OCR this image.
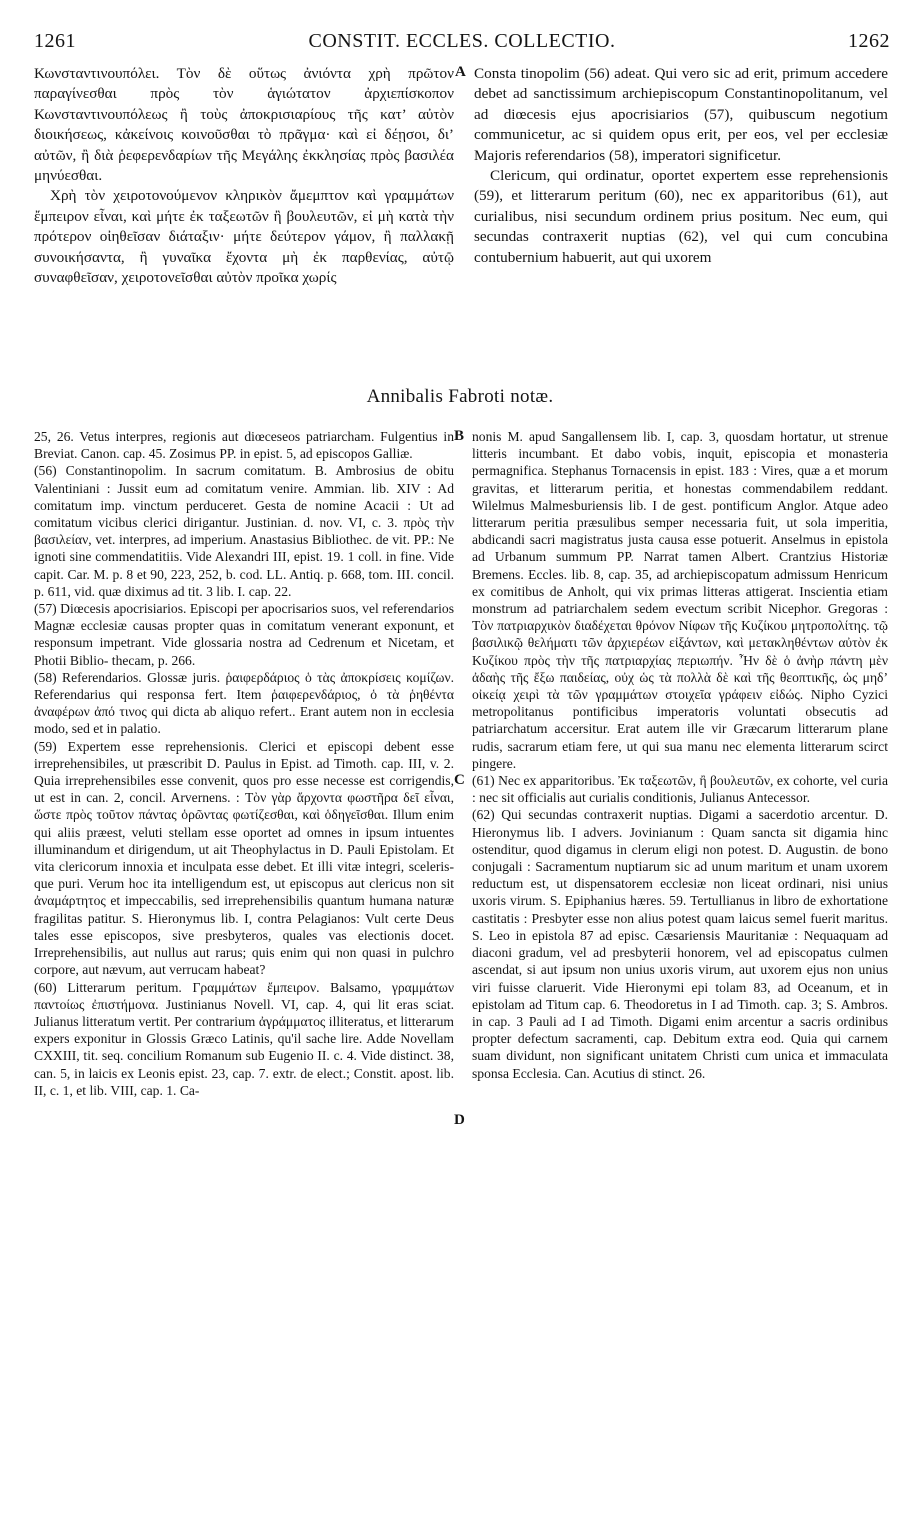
1261	CONSTIT. ECCLES. COLLECTIO.	1262

Κωνσταντινουπόλει. Τὸν δὲ οὕτως ἀνιόντα χρὴ πρῶτον παραγίνεσθαι πρὸς τὸν ἁγιώτατον ἀρχιεπίσκοπον Κωνσταντινουπόλεως ἢ τοὺς ἀποκρισιαρίους τῆς κατ’ αὐτὸν διοικήσεως, κἀκείνοις κοινοῦσθαι τὸ πρᾶγμα· καὶ εἰ δέῃσοι, δι’ αὐτῶν, ἢ διὰ ῥεφερενδαρίων τῆς Μεγάλης ἐκκλησίας πρὸς βασιλέα μηνύεσθαι.

Χρὴ τὸν χειροτονούμενον κληρικὸν ἄμεμπτον καὶ γραμμάτων ἔμπειρον εἶναι, καὶ μήτε ἐκ ταξεωτῶν ἢ βουλευτῶν, εἰ μὴ κατὰ τὴν πρότερον οἰηθεῖσαν διάταξιν· μήτε δεύτερον γάμον, ἢ παλλακῇ συνοικήσαντα, ἢ γυναῖκα ἔχοντα μὴ ἐκ παρθενίας, αὐτῷ συναφθεῖσαν, χειροτονεῖσθαι αὐτὸν προῖκα χωρίς

A Consta tinopolim (56) adeat. Qui vero sic ad erit, primum accedere debet ad sanctissimum archiepiscopum Constantinopolitanum, vel ad diœcesis ejus apocrisiarios (57), quibuscum negotium communicetur, ac si quidem opus erit, per eos, vel per ecclesiæ Majoris referendarios (58), imperatori significetur.

Clericum, qui ordinatur, oportet expertem esse reprehensionis (59), et litterarum peritum (60), nec ex apparitoribus (61), aut curialibus, nisi secundum ordinem prius positum. Nec eum, qui secundas contraxerit nuptias (62), vel qui cum concubina contubernium habuerit, aut qui uxorem

Annibalis Fabroti notæ.

25, 26. Vetus interpres, regionis aut diœceseos patriarcham. Fulgentius in Breviat. Canon. cap. 45. Zosimus PP. in epist. 5, ad episcopos Galliæ.

(56) Constantinopolim. In sacrum comitatum. B. Ambrosius de obitu Valentiniani : Jussit eum ad comitatum venire. Ammian. lib. XIV : Ad comitatum imp. vinctum perduceret. Gesta de nomine Acacii : Ut ad comitatum vicibus clerici dirigantur. Justinian. d. nov. VI, c. 3. πρὸς τὴν βασιλείαν, vet. interpres, ad imperium. Anastasius Bibliothec. de vit. PP.: Ne ignoti sine commendatitiis. Vide Alexandri III, epist. 19. 1 coll. in fine. Vide capit. Car. M. p. 8 et 90, 223, 252, b. cod. LL. Antiq. p. 668, tom. III. concil. p. 611, vid. quæ diximus ad tit. 3 lib. I. cap. 22.

(57) Diœcesis apocrisiarios. Episcopi per apocrisarios suos, vel referendarios Magnæ ecclesiæ causas propter quas in comitatum venerant exponunt, et responsum impetrant. Vide glossaria nostra ad Cedrenum et Nicetam, et Photii Biblio- thecam, p. 266.

(58) Referendarios. Glossæ juris. ῥαιφερδάριος ὁ τὰς ἀποκρίσεις κομίζων. Referendarius qui responsa fert. Item ῥαιφερενδάριος, ὁ τὰ ῥηθέντα ἀναφέρων ἀπό τινος qui dicta ab aliquo refert.. Erant autem non in ecclesia modo, sed et in palatio.

(59) Expertem esse reprehensionis. Clerici et episcopi debent esse irreprehensibiles, ut præscribit D. Paulus in Epist. ad Timoth. cap. III, v. 2. Quia irreprehensibiles esse convenit, quos pro esse necesse est corrigendis, ut est in can. 2, concil. Arvernens. : Τὸν γὰρ ἄρχοντα φωστῆρα δεῖ εἶναι, ὥστε πρὸς τοῦτον πάντας ὁρῶντας φωτίζεσθαι, καὶ ὁδηγεῖσθαι. Illum enim qui aliis præest, veluti stellam esse oportet ad omnes in ipsum intuentes illuminandum et dirigendum, ut ait Theophylactus in D. Pauli Epistolam. Et vita clericorum innoxia et inculpata esse debet. Et illi vitæ integri, sceleris- que puri. Verum hoc ita intelligendum est, ut episcopus aut clericus non sit ἀναμάρτητος et impeccabilis, sed irreprehensibilis quantum humana naturæ fragilitas patitur. S. Hieronymus lib. I, contra Pelagianos: Vult certe Deus tales esse episcopos, sive presbyteros, quales vas electionis docet. Irreprehensibilis, aut nullus aut rarus; quis enim qui non quasi in pulchro corpore, aut nævum, aut verrucam habeat?

(60) Litterarum peritum. Γραμμάτων ἔμπειρον. Balsamo, γραμμάτων παντοίως ἐπιστήμονα. Justinianus Novell. VI, cap. 4, qui lit eras sciat. Julianus litteratum vertit. Per contrarium ἀγράμματος illiteratus, et litterarum expers exponitur in Glossis Græco Latinis, qu'il sache lire. Adde Novellam CXXIII, tit. seq. concilium Romanum sub Eugenio II. c. 4. Vide distinct. 38, can. 5, in laicis ex Leonis epist. 23, cap. 7. extr. de elect.; Constit. apost. lib. II, c. 1, et lib. VIII, cap. 1. Ca-

B
C
D

nonis M. apud Sangallensem lib. I, cap. 3, quosdam hortatur, ut strenue litteris incumbant. Et dabo vobis, inquit, episcopia et monasteria permagnifica. Stephanus Tornacensis in epist. 183 : Vires, quæ a et morum gravitas, et litterarum peritia, et honestas commendabilem reddant. Wilelmus Malmesburiensis lib. I de gest. pontificum Anglor. Atque adeo litterarum peritia præsulibus semper necessaria fuit, ut sola imperitia, abdicandi sacri magistratus justa causa esse potuerit. Anselmus in epistola ad Urbanum summum PP. Narrat tamen Albert. Crantzius Historiæ Bremens. Eccles. lib. 8, cap. 35, ad archiepiscopatum admissum Henricum ex comitibus de Anholt, qui vix primas litteras attigerat. Inscientia etiam monstrum ad patriarchalem sedem evectum scribit Nicephor. Gregoras : Τὸν πατριαρχικὸν διαδέχεται θρόνον Νίφων τῆς Κυζίκου μητροπολίτης. τῷ βασιλικῷ θελήματι τῶν ἀρχιερέων εἰξάντων, καὶ μετακληθέντων αὐτὸν ἐκ Κυζίκου πρὸς τὴν τῆς πατριαρχίας περιωπήν. Ἦν δὲ ὁ ἀνὴρ πάντη μὲν ἀδαὴς τῆς ἔξω παιδείας, οὐχ ὡς τὰ πολλὰ δὲ καὶ τῆς θεοπτικῆς, ὡς μηδ’ οἰκείᾳ χειρὶ τὰ τῶν γραμμάτων στοιχεῖα γράφειν εἰδώς. Nipho Cyzici metropolitanus pontificibus imperatoris voluntati obsecutis ad patriarchatum accersitur. Erat autem ille vir Græcarum litterarum plane rudis, sacrarum etiam fere, ut qui sua manu nec elementa litterarum scirct pingere.

(61) Nec ex apparitoribus. Ἐκ ταξεωτῶν, ἢ βουλευτῶν, ex cohorte, vel curia : nec sit officialis aut curialis conditionis, Julianus Antecessor.

(62) Qui secundas contraxerit nuptias. Digami a sacerdotio arcentur. D. Hieronymus lib. I advers. Jovinianum : Quam sancta sit digamia hinc ostenditur, quod digamus in clerum eligi non potest. D. Augustin. de bono conjugali : Sacramentum nuptiarum sic ad unum maritum et unam uxorem reductum est, ut dispensatorem ecclesiæ non liceat ordinari, nisi unius uxoris virum. S. Epiphanius hæres. 59. Tertullianus in libro de exhortatione castitatis : Presbyter esse non alius potest quam laicus semel fuerit maritus. S. Leo in epistola 87 ad episc. Cæsariensis Mauritaniæ : Nequaquam ad diaconi gradum, vel ad presbyterii honorem, vel ad episcopatus culmen ascendat, si aut ipsum non unius uxoris virum, aut uxorem ejus non unius viri fuisse claruerit. Vide Hieronymi epi tolam 83, ad Oceanum, et in epistolam ad Titum cap. 6. Theodoretus in I ad Timoth. cap. 3; S. Ambros. in cap. 3 Pauli ad I ad Timoth. Digami enim arcentur a sacris ordinibus propter defectum sacramenti, cap. Debitum extra eod. Quia qui carnem suam dividunt, non significant unitatem Christi cum unica et immaculata sponsa Ecclesia. Can. Acutius di stinct. 26.
